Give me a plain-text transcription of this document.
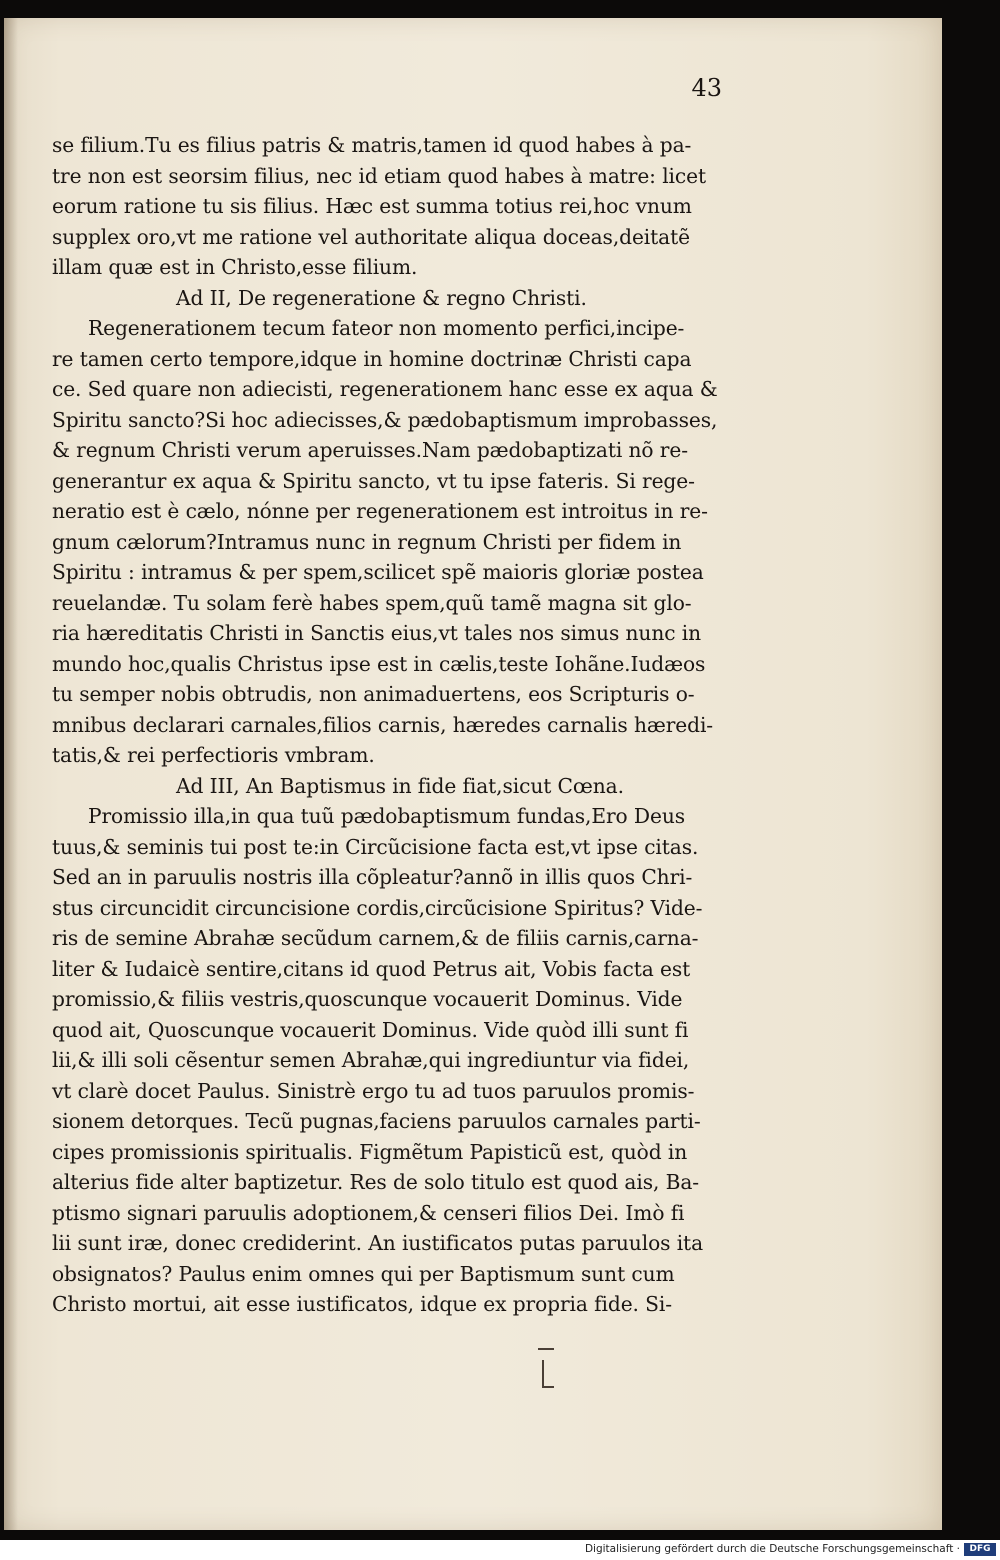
43
se filium.Tu es filius patris & matris,tamen id quod habes à pa-
tre non est seorsim filius, nec id etiam quod habes à matre: licet
eorum ratione tu sis filius. Hæc est summa totius rei,hoc vnum
supplex oro,vt me ratione vel authoritate aliqua doceas,deitatẽ
illam quæ est in Christo,esse filium.
Ad II, De regeneratione & regno Christi.
Regenerationem tecum fateor non momento perfici,incipe-
re tamen certo tempore,idque in homine doctrinæ Christi capa
ce. Sed quare non adiecisti, regenerationem hanc esse ex aqua &
Spiritu sancto?Si hoc adiecisses,& pædobaptismum improbasses,
& regnum Christi verum aperuisses.Nam pædobaptizati nõ re-
generantur ex aqua & Spiritu sancto, vt tu ipse fateris. Si rege-
neratio est è cælo, nónne per regenerationem est introitus in re-
gnum cælorum?Intramus nunc in regnum Christi per fidem in
Spiritu : intramus & per spem,scilicet spẽ maioris gloriæ postea
reuelandæ. Tu solam ferè habes spem,quũ tamẽ magna sit glo-
ria hæreditatis Christi in Sanctis eius,vt tales nos simus nunc in
mundo hoc,qualis Christus ipse est in cælis,teste Iohãne.Iudæos
tu semper nobis obtrudis, non animaduertens, eos Scripturis o-
mnibus declarari carnales,filios carnis, hæredes carnalis hæredi-
tatis,& rei perfectioris vmbram.
Ad III, An Baptismus in fide fiat,sicut Cœna.
Promissio illa,in qua tuũ pædobaptismum fundas,Ero Deus
tuus,& seminis tui post te:in Circũcisione facta est,vt ipse citas.
Sed an in paruulis nostris illa cõpleatur?annõ in illis quos Chri-
stus circuncidit circuncisione cordis,circũcisione Spiritus? Vide-
ris de semine Abrahæ secũdum carnem,& de filiis carnis,carna-
liter & Iudaicè sentire,citans id quod Petrus ait, Vobis facta est
promissio,& filiis vestris,quoscunque vocauerit Dominus. Vide
quod ait, Quoscunque vocauerit Dominus. Vide quòd illi sunt fi
lii,& illi soli cẽsentur semen Abrahæ,qui ingrediuntur via fidei,
vt clarè docet Paulus. Sinistrè ergo tu ad tuos paruulos promis-
sionem detorques. Tecũ pugnas,faciens paruulos carnales parti-
cipes promissionis spiritualis. Figmẽtum Papisticũ est, quòd in
alterius fide alter baptizetur. Res de solo titulo est quod ais, Ba-
ptismo signari paruulis adoptionem,& censeri filios Dei. Imò fi
lii sunt iræ, donec crediderint. An iustificatos putas paruulos ita
obsignatos? Paulus enim omnes qui per Baptismum sunt cum
Christo mortui, ait esse iustificatos, idque ex propria fide. Si-
Digitalisierung gefördert durch die Deutsche Forschungsgemeinschaft ·	DFG
